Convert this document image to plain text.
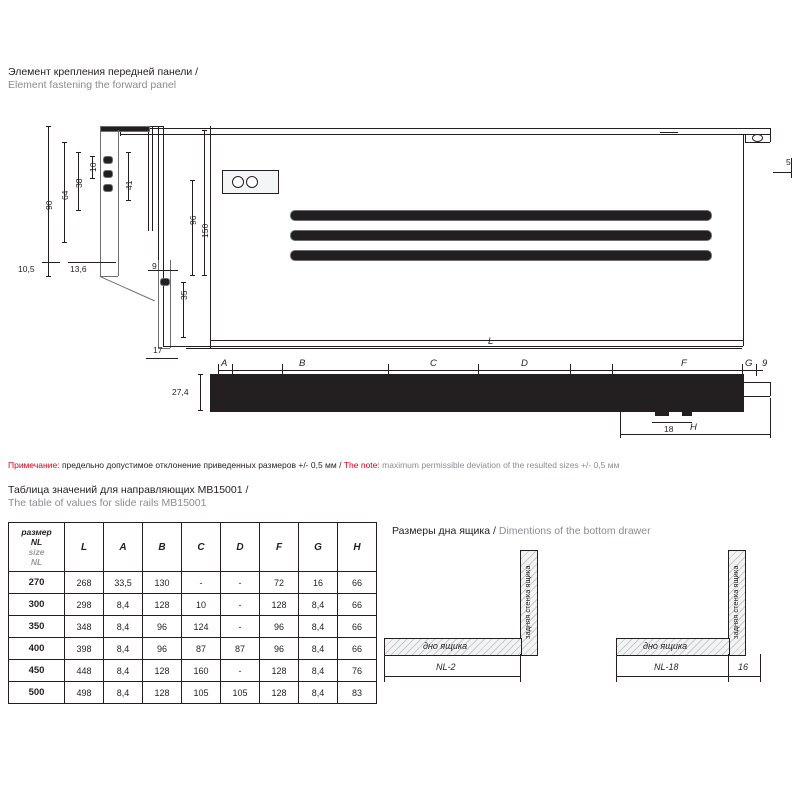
Элемент крепления передней панели /
Element fastening the forward panel
90
64
38
10
41
10,5	13,6
96
150
9
35
17
5
L
A	B	C	D	F	G 9
27,4
18 H
Примечание: предельно допустимое отклонение приведенных размеров +/- 0,5 мм / The note: maximum permissible deviation of the resulted sizes +/- 0,5 мм
Таблица значений для направляющих MB15001 /
The table of values for slide rails MB15001
размер
NL
size
NL	L	A	B	C	D	F	G	H
270	268	33,5	130	-	-	72	16	66
300	298	8,4	128	10	-	128	8,4	66
350	348	8,4	96	124	-	96	8,4	66
400	398	8,4	96	87	87	96	8,4	66
450	448	8,4	128	160	-	128	8,4	76
500	498	8,4	128	105	105	128	8,4	83
Размеры дна ящика / Dimentions of the bottom drawer
задняя стенка ящика
дно ящика
NL-2
задняя стенка ящика
дно ящика
NL-18	16
